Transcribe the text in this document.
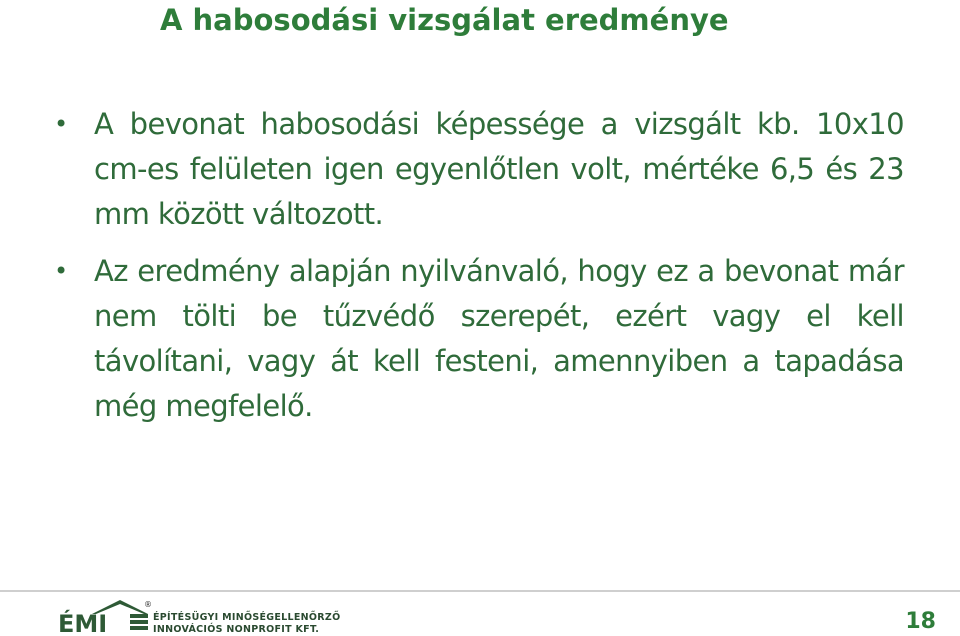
A habosodási vizsgálat eredménye
• A bevonat habosodási képessége a vizsgált kb. 10x10 cm-es felületen igen egyenlőtlen volt, mértéke 6,5 és 23 mm között változott.
• Az eredmény alapján nyilvánvaló, hogy ez a bevonat már nem tölti be tűzvédő szerepét, ezért vagy el kell távolítani, vagy át kell festeni, amennyiben a tapadása még megfelelő.
ÉMI
®
ÉPÍTÉSÜGYI MINŐSÉGELLENŐRZŐ
INNOVÁCIÓS NONPROFIT KFT.	18
